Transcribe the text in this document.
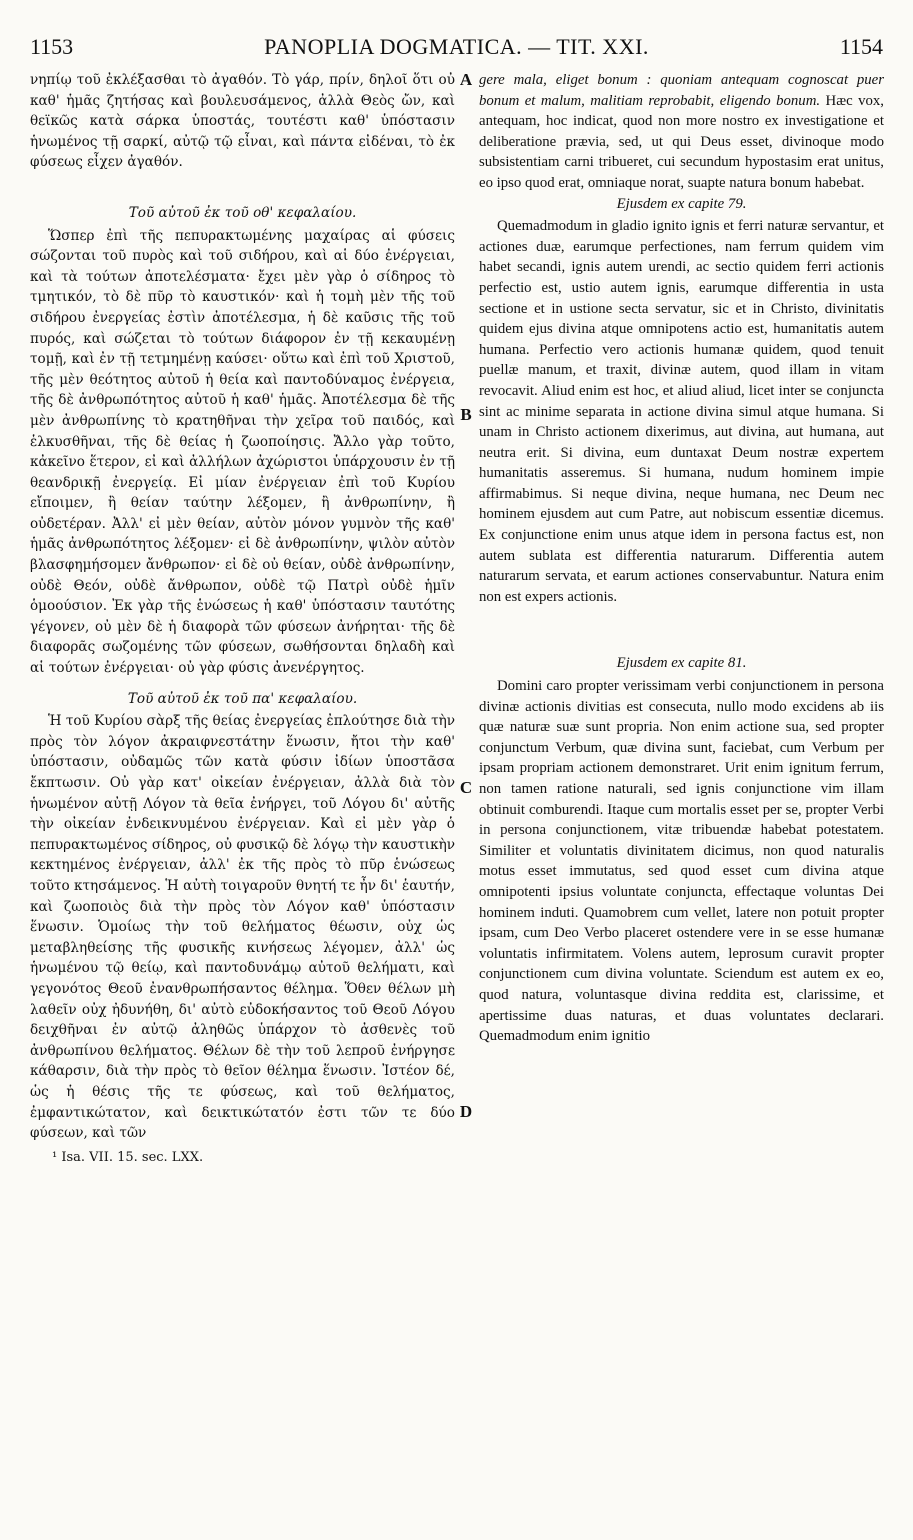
1153	PANOPLIA DOGMATICA. — TIT. XXI.	1154
A
B
C
D

νηπίῳ τοῦ ἐκλέξασθαι τὸ ἀγαθόν. Τὸ γάρ, πρίν, δηλοῖ ὅτι οὐ καθ' ἡμᾶς ζητήσας καὶ βουλευσάμενος, ἀλλὰ Θεὸς ὤν, καὶ θεϊκῶς κατὰ σάρκα ὑποστάς, τουτέστι καθ' ὑπόστασιν ἡνωμένος τῇ σαρκί, αὐτῷ τῷ εἶναι, καὶ πάντα εἰδέναι, τὸ ἐκ φύσεως εἶχεν ἀγαθόν.

Τοῦ αὐτοῦ ἐκ τοῦ οθ' κεφαλαίου.

Ὥσπερ ἐπὶ τῆς πεπυρακτωμένης μαχαίρας αἱ φύσεις σώζονται τοῦ πυρὸς καὶ τοῦ σιδήρου, καὶ αἱ δύο ἐνέργειαι, καὶ τὰ τούτων ἀποτελέσματα· ἔχει μὲν γὰρ ὁ σίδηρος τὸ τμητικόν, τὸ δὲ πῦρ τὸ καυστικόν· καὶ ἡ τομὴ μὲν τῆς τοῦ σιδήρου ἐνεργείας ἐστὶν ἀποτέλεσμα, ἡ δὲ καῦσις τῆς τοῦ πυρός, καὶ σώζεται τὸ τούτων διάφορον ἐν τῇ κεκαυμένῃ τομῇ, καὶ ἐν τῇ τετμημένῃ καύσει· οὕτω καὶ ἐπὶ τοῦ Χριστοῦ, τῆς μὲν θεότητος αὐτοῦ ἡ θεία καὶ παντοδύναμος ἐνέργεια, τῆς δὲ ἀνθρωπότητος αὐτοῦ ἡ καθ' ἡμᾶς. Ἀποτέλεσμα δὲ τῆς μὲν ἀνθρωπίνης τὸ κρατηθῆναι τὴν χεῖρα τοῦ παιδός, καὶ ἑλκυσθῆναι, τῆς δὲ θείας ἡ ζωοποίησις. Ἄλλο γὰρ τοῦτο, κἀκεῖνο ἕτερον, εἰ καὶ ἀλλήλων ἀχώριστοι ὑπάρχουσιν ἐν τῇ θεανδρικῇ ἐνεργείᾳ. Εἰ μίαν ἐνέργειαν ἐπὶ τοῦ Κυρίου εἴποιμεν, ἢ θείαν ταύτην λέξομεν, ἢ ἀνθρωπίνην, ἢ οὐδετέραν. Ἀλλ' εἰ μὲν θείαν, αὐτὸν μόνον γυμνὸν τῆς καθ' ἡμᾶς ἀνθρωπότητος λέξομεν· εἰ δὲ ἀνθρωπίνην, ψιλὸν αὐτὸν βλασφημήσομεν ἄνθρωπον· εἰ δὲ οὐ θείαν, οὐδὲ ἀνθρωπίνην, οὐδὲ Θεόν, οὐδὲ ἄνθρωπον, οὐδὲ τῷ Πατρὶ οὐδὲ ἡμῖν ὁμοούσιον. Ἐκ γὰρ τῆς ἑνώσεως ἡ καθ' ὑπόστασιν ταυτότης γέγονεν, οὐ μὲν δὲ ἡ διαφορὰ τῶν φύσεων ἀνήρηται· τῆς δὲ διαφορᾶς σωζομένης τῶν φύσεων, σωθήσονται δηλαδὴ καὶ αἱ τούτων ἐνέργειαι· οὐ γὰρ φύσις ἀνενέργητος.

Τοῦ αὐτοῦ ἐκ τοῦ πα' κεφαλαίου.

Ἡ τοῦ Κυρίου σὰρξ τῆς θείας ἐνεργείας ἐπλούτησε διὰ τὴν πρὸς τὸν λόγον ἀκραιφνεστάτην ἕνωσιν, ἤτοι τὴν καθ' ὑπόστασιν, οὐδαμῶς τῶν κατὰ φύσιν ἰδίων ὑποστᾶσα ἔκπτωσιν. Οὐ γὰρ κατ' οἰκείαν ἐνέργειαν, ἀλλὰ διὰ τὸν ἡνωμένον αὐτῇ Λόγον τὰ θεῖα ἐνήργει, τοῦ Λόγου δι' αὐτῆς τὴν οἰκείαν ἐνδεικνυμένου ἐνέργειαν. Καὶ εἰ μὲν γὰρ ὁ πεπυρακτωμένος σίδηρος, οὐ φυσικῷ δὲ λόγῳ τὴν καυστικὴν κεκτημένος ἐνέργειαν, ἀλλ' ἐκ τῆς πρὸς τὸ πῦρ ἑνώσεως τοῦτο κτησάμενος. Ἡ αὐτὴ τοιγαροῦν θνητή τε ἦν δι' ἑαυτήν, καὶ ζωοποιὸς διὰ τὴν πρὸς τὸν Λόγον καθ' ὑπόστασιν ἕνωσιν. Ὁμοίως τὴν τοῦ θελήματος θέωσιν, οὐχ ὡς μεταβληθείσης τῆς φυσικῆς κινήσεως λέγομεν, ἀλλ' ὡς ἡνωμένου τῷ θείῳ, καὶ παντοδυνάμῳ αὐτοῦ θελήματι, καὶ γεγονότος Θεοῦ ἐνανθρωπήσαντος θέλημα. Ὅθεν θέλων μὴ λαθεῖν οὐχ ἠδυνήθη, δι' αὐτὸ εὐδοκήσαντος τοῦ Θεοῦ Λόγου δειχθῆναι ἐν αὐτῷ ἀληθῶς ὑπάρχον τὸ ἀσθενὲς τοῦ ἀνθρωπίνου θελήματος. Θέλων δὲ τὴν τοῦ λεπροῦ ἐνήργησε κάθαρσιν, διὰ τὴν πρὸς τὸ θεῖον θέλημα ἕνωσιν. Ἰστέον δέ, ὡς ἡ θέσις τῆς τε φύσεως, καὶ τοῦ θελήματος, ἐμφαντικώτατον, καὶ δεικτικώτατόν ἐστι τῶν τε δύο φύσεων, καὶ τῶν

¹ Isa. VII. 15. sec. LXX.

gere mala, eliget bonum : quoniam antequam cognoscat puer bonum et malum, malitiam reprobabit, eligendo bonum. Hæc vox, antequam, hoc indicat, quod non more nostro ex investigatione et deliberatione prævia, sed, ut qui Deus esset, divinoque modo subsistentiam carni tribueret, cui secundum hypostasim erat unitus, eo ipso quod erat, omniaque norat, suapte natura bonum habebat.

Ejusdem ex capite 79.

Quemadmodum in gladio ignito ignis et ferri naturæ servantur, et actiones duæ, earumque perfectiones, nam ferrum quidem vim habet secandi, ignis autem urendi, ac sectio quidem ferri actionis perfectio est, ustio autem ignis, earumque differentia in usta sectione et in ustione secta servatur, sic et in Christo, divinitatis quidem ejus divina atque omnipotens actio est, humanitatis autem humana. Perfectio vero actionis humanæ quidem, quod tenuit puellæ manum, et traxit, divinæ autem, quod illam in vitam revocavit. Aliud enim est hoc, et aliud aliud, licet inter se conjuncta sint ac minime separata in actione divina simul atque humana. Si unam in Christo actionem dixerimus, aut divina, aut humana, aut neutra erit. Si divina, eum duntaxat Deum nostræ expertem humanitatis asseremus. Si humana, nudum hominem impie affirmabimus. Si neque divina, neque humana, nec Deum nec hominem ejusdem aut cum Patre, aut nobiscum essentiæ dicemus. Ex conjunctione enim unus atque idem in persona factus est, non autem sublata est differentia naturarum. Differentia autem naturarum servata, et earum actiones conservabuntur. Natura enim non est expers actionis.

Ejusdem ex capite 81.

Domini caro propter verissimam verbi conjunctionem in persona divinæ actionis divitias est consecuta, nullo modo excidens ab iis quæ naturæ suæ sunt propria. Non enim actione sua, sed propter conjunctum Verbum, quæ divina sunt, faciebat, cum Verbum per ipsam propriam actionem demonstraret. Urit enim ignitum ferrum, non tamen ratione naturali, sed ignis conjunctione vim illam obtinuit comburendi. Itaque cum mortalis esset per se, propter Verbi in persona conjunctionem, vitæ tribuendæ habebat potestatem. Similiter et voluntatis divinitatem dicimus, non quod naturalis motus esset immutatus, sed quod esset cum divina atque omnipotenti ipsius voluntate conjuncta, effectaque voluntas Dei hominem induti. Quamobrem cum vellet, latere non potuit propter ipsam, cum Deo Verbo placeret ostendere vere in se esse humanæ voluntatis infirmitatem. Volens autem, leprosum curavit propter conjunctionem cum divina voluntate. Sciendum est autem ex eo, quod natura, voluntasque divina reddita est, clarissime, et apertissime duas naturas, et duas voluntates declarari. Quemadmodum enim ignitio
